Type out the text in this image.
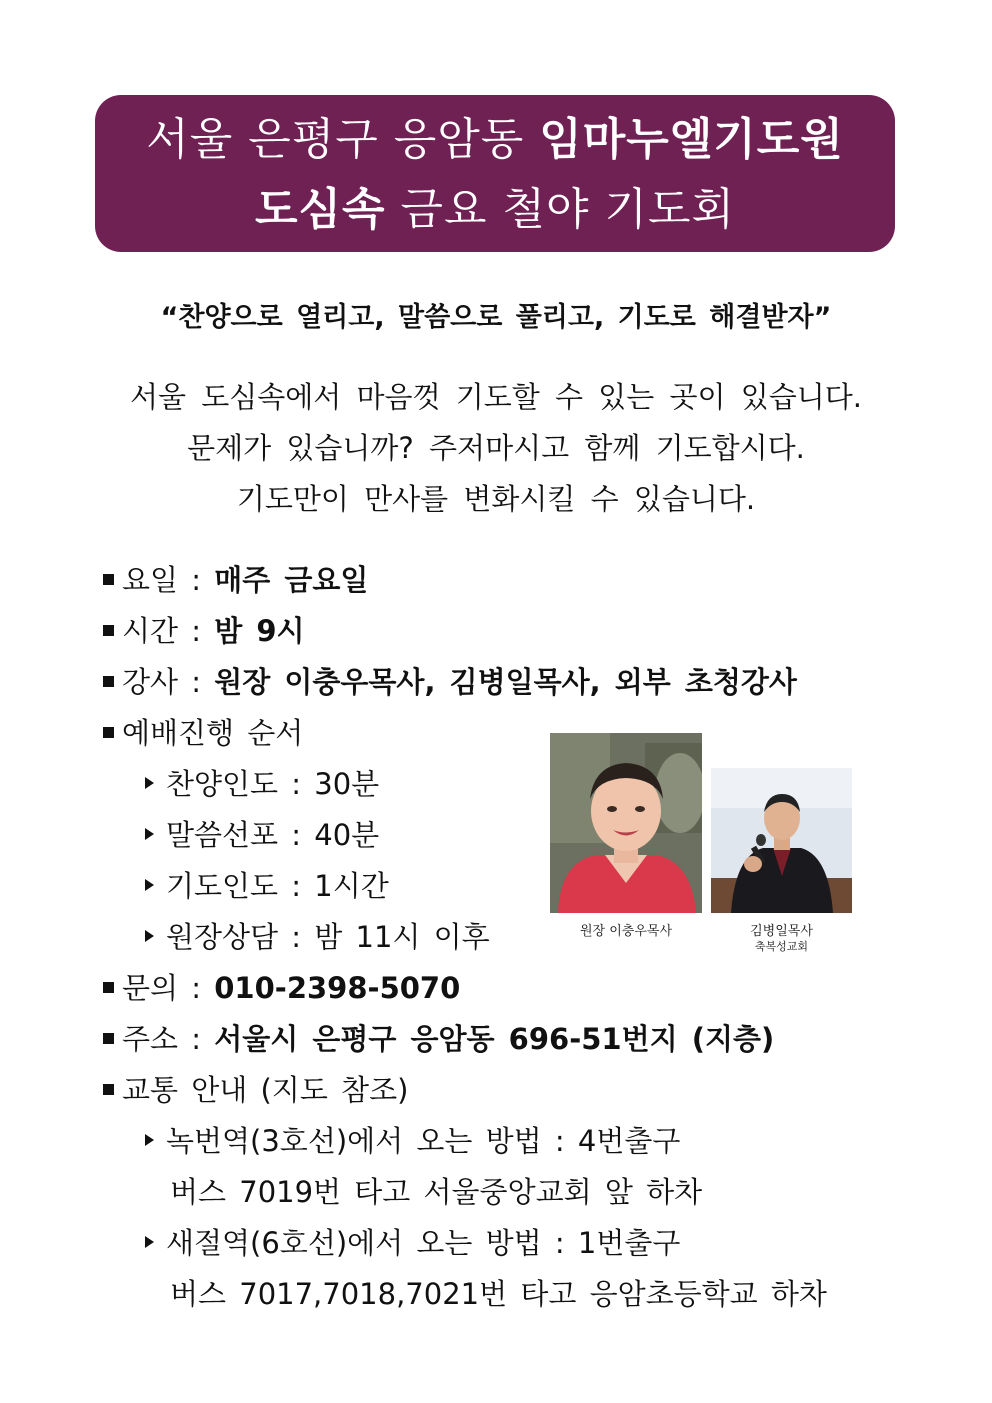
서울 은평구 응암동 임마누엘기도원
도심속 금요 철야 기도회
“찬양으로 열리고, 말씀으로 풀리고, 기도로 해결받자”
서울 도심속에서 마음껏 기도할 수 있는 곳이 있습니다.
문제가 있습니까? 주저마시고 함께 기도합시다.
기도만이 만사를 변화시킬 수 있습니다.
요일 : 매주 금요일
시간 : 밤 9시
강사 : 원장 이충우목사, 김병일목사, 외부 초청강사
예배진행 순서
찬양인도 : 30분
말씀선포 : 40분
기도인도 : 1시간
원장상담 : 밤 11시 이후
문의 : 010-2398-5070
주소 : 서울시 은평구 응암동 696-51번지 (지층)
교통 안내 (지도 참조)
녹번역(3호선)에서 오는 방법 : 4번출구
버스 7019번 타고 서울중앙교회 앞 하차
새절역(6호선)에서 오는 방법 : 1번출구
버스 7017,7018,7021번 타고 응암초등학교 하차
원장 이충우목사	김병일목사
축복성교회
